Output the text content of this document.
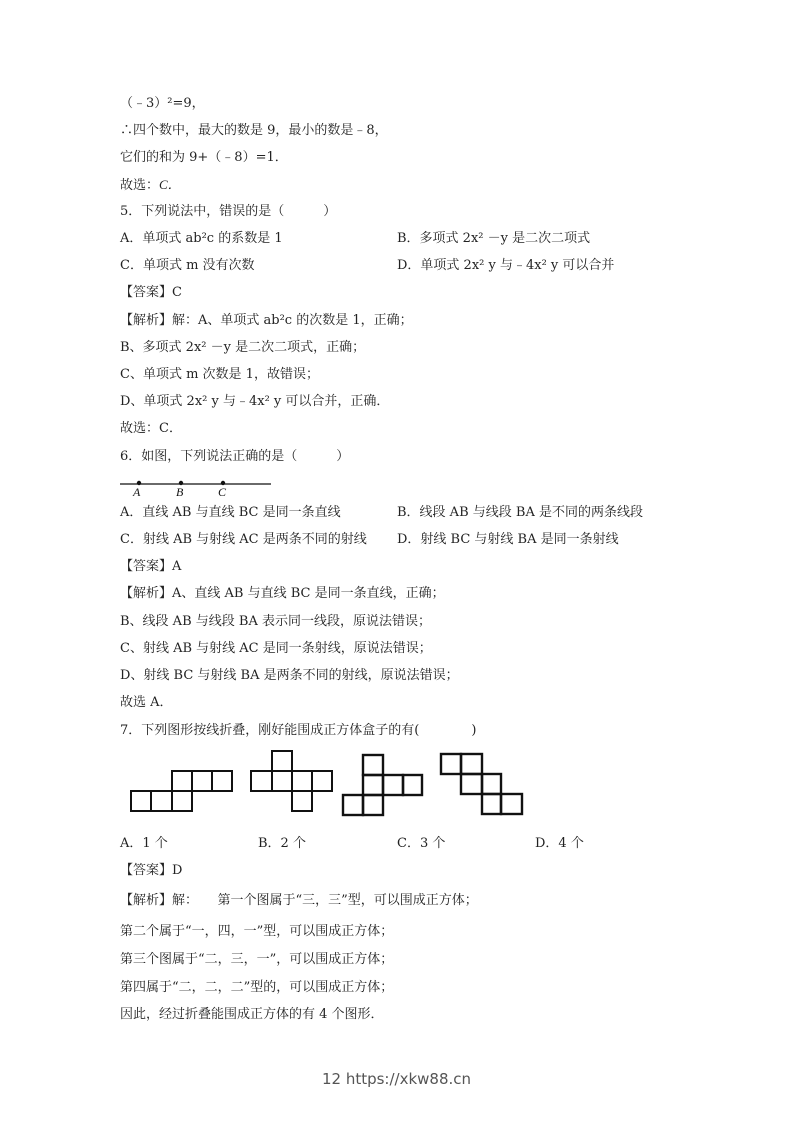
（﹣3）²=9，
∴四个数中，最大的数是 9，最小的数是﹣8，
它们的和为 9+（﹣8）=1．
故选：C．
5．下列说法中，错误的是（　　　）
A．单项式 ab²c 的系数是 1	B．多项式 2x² －y 是二次二项式
C．单项式 m 没有次数	D．单项式 2x² y 与﹣4x² y 可以合并
【答案】C
【解析】解：A、单项式 ab²c 的次数是 1，正确；
B、多项式 2x² －y 是二次二项式，正确；
C、单项式 m 次数是 1，故错误；
D、单项式 2x² y 与﹣4x² y 可以合并，正确．
故选：C．
6．如图，下列说法正确的是（　　　）
A	B	C
A．直线 AB 与直线 BC 是同一条直线	B．线段 AB 与线段 BA 是不同的两条线段
C．射线 AB 与射线 AC 是两条不同的射线 D．射线 BC 与射线 BA 是同一条射线
【答案】A
【解析】A、直线 AB 与直线 BC 是同一条直线，正确；
B、线段 AB 与线段 BA 表示同一线段，原说法错误；
C、射线 AB 与射线 AC 是同一条射线，原说法错误；
D、射线 BC 与射线 BA 是两条不同的射线，原说法错误；
故选 A．
7．下列图形按线折叠，刚好能围成正方体盒子的有(　　　　)
A．1 个	B．2 个	C．3 个	D．4 个
【答案】D
【解析】解：　　第一个图属于“三，三”型，可以围成正方体；
第二个属于“一，四，一”型，可以围成正方体；
第三个图属于“二，三，一”，可以围成正方体；
第四属于“二，二，二”型的，可以围成正方体；
因此，经过折叠能围成正方体的有 4 个图形．
12 https://xkw88.cn
